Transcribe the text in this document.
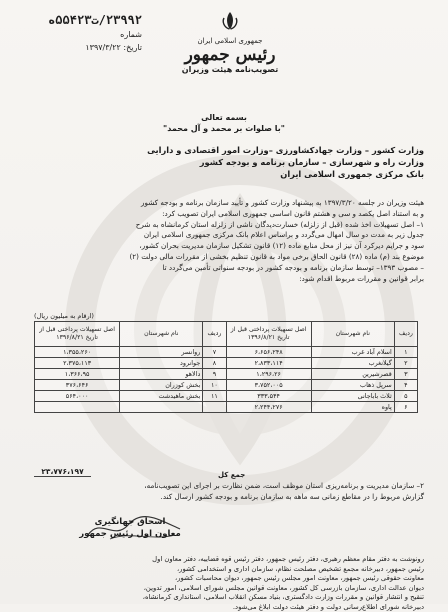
۲۳۹۹۲/ت۵۵۴۲۳ه
شماره
تاریخ: ۱۳۹۷/۳/۲۲
جمهوری اسلامی ایران
رئیس جمهور
تصویب‌نامه هیئت وزیران
بسمه تعالی
"با صلوات بر محمد و آل محمد"
وزارت کشور – وزارت جهادکشاورزی –وزارت امور اقتصادی و دارایی
وزارت راه و شهرسازی – سازمان برنامه و بودجه کشور
بانک مرکزی جمهوری اسلامی ایران
هیئت وزیران در جلسه ۱۳۹۷/۳/۲۰ به پیشنهاد وزارت کشور و تأیید سازمان برنامه و بودجه کشور
و به استناد اصل یکصد و سی و هشتم قانون اساسی جمهوری اسلامی ایران تصویب کرد:
۱– اصل تسهیلات اخذ شده (قبل از زلزله) خسارت‌دیدگان ناشی از زلزله استان کرمانشاه به شرح
جدول زیر به مدت دو سال امهال می‌گردد و براساس اعلام بانک مرکزی جمهوری اسلامی ایران
سود و جرایم دیرکرد آن نیز از محل منابع ماده (۱۲) قانون تشکیل سازمان مدیریت بحران کشور،
موضوع بند (م) ماده (۲۸) قانون الحاق برخی مواد به قانون تنظیم بخشی از مقررات مالی دولت (۲)
– مصوب ۱۳۹۳– توسط سازمان برنامه و بودجه کشور در بودجه سنواتی تأمین می‌گردد تا
برابر قوانین و مقررات مربوط اقدام شود:
(ارقام به میلیون ریال)
ردیف	نام شهرستان	اصل تسهیلات پرداختی قبل از تاریخ ۱۳۹۶/۸/۲۱	ردیف	نام شهرستان	اصل تسهیلات پرداختی قبل از تاریخ ۱۳۹۶/۸/۲۱
۱	اسلام آباد غرب	۶،۶۵۶،۲۴۸	۷	روانسر	۱،۳۵۵،۲۶۰
۲	گیلانغرب	۲،۸۳۳،۱۱۴	۸	جوانرود	۲،۳۷۵،۱۱۳
۳	قصرشیرین	۱،۲۹۶،۲۶	۹	دالاهو	۱،۳۶۶،۹۵
۴	سرپل ذهاب	۳،۷۵۲،۰۰۵	۱۰	بخش کوزران	۳۷۶،۶۴۶
۵	ثلاث باباجانی	۳۳۳،۵۴۴	۱۱	بخش ماهیدشت	۵۶۴،۰۰۰
۶	پاوه	۲،۲۴۴،۲۷۶			
۲۳،۷۷۶،۱۹۷	جمع کل
۲– سازمان مدیریت و برنامه‌ریزی استان موظف است، ضمن نظارت بر اجرای این تصویب‌نامه،
گزارش مربوط را در مقاطع زمانی سه ماهه به سازمان برنامه و بودجه کشور ارسال کند.
اسحاق جهانگیری
معاون اول رئیس جمهور
رونوشت به دفتر مقام معظم رهبری، دفتر رئیس جمهور، دفتر رئیس قوه قضاییه، دفتر معاون اول
رئیس جمهور، دبیرخانه مجمع تشخیص مصلحت نظام، سازمان اداری و استخدامی کشور،
معاونت حقوقی رئیس جمهور، معاونت امور مجلس رئیس جمهور، دیوان محاسبات کشور،
دیوان عدالت اداری، سازمان بازرسی کل کشور، معاونت قوانین مجلس شورای اسلامی، امور تدوین،
تنقیح و انتشار قوانین و مقررات وزارت دادگستری، بنیاد مسکن انقلاب اسلامی، استانداری کرمانشاه،
دبیرخانه شورای اطلاع‌رسانی دولت و دفتر هیئت دولت ابلاغ می‌شود.
